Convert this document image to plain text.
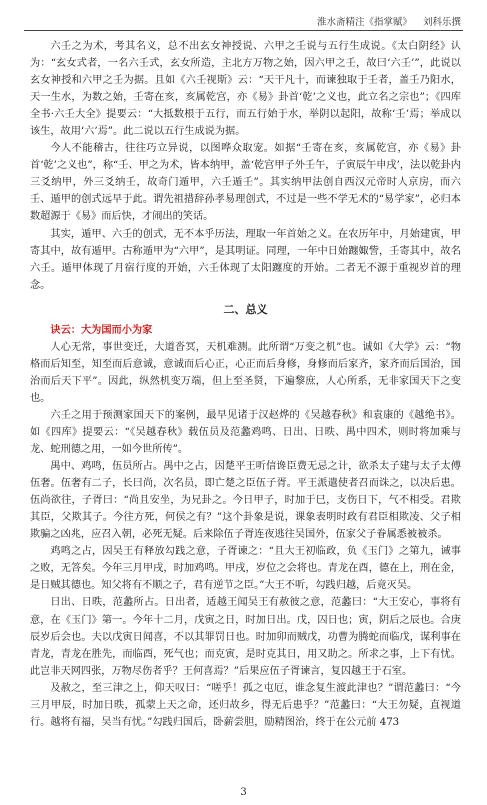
淮水斋精注《指掌赋》 刘科乐撰

六壬之为术，考其名义，总不出玄女神授说、六甲之壬说与五行生成说。《太白阴经》认为：“玄女式者，一名六壬式，玄女所造，主北方万物之始，因六甲之壬，故曰‘六壬’”，此说以玄女神授和六甲之壬为据。且如《六壬视斯》云：“天干凡十，而谏独取于壬者，盖壬乃阳水，天一生水，为数之始，壬寄在亥，亥属乾宫，亦《易》卦首‘乾’之义也，此立名之宗也”；《四库全书·六壬大全》提要云：“大抵数根于五行，而五行始于水，举阴以起阳，故称‘壬’焉；举成以该生，故用‘六’焉”。此二说以五行生成说为据。

今人不能稽古，往往巧立异说，以图哗众取宠。如据“壬寄在亥，亥属乾宫，亦《易》卦首‘乾’之义也”，称“壬、甲之为术，皆本纳甲，盖‘乾宫甲子外壬午，子寅辰午申戌’，法以乾卦内三爻纳甲，外三爻纳壬，故奇门遁甲，六壬遁壬”。其实纳甲法创自西汉元帝时人京房，而六壬、遁甲的创式远早于此。谓先祖措辞孙孝易理创式，不过是一些不学无术的“易学家”，必归本数超源于《易》而后快，才闹出的笑话。

其实，遁甲、六壬的创式，无不本乎历法，理取一年首始之义。在农历年中，月始建寅，甲寄其中，故有遁甲。古称遁甲为“六甲”，是其明证。同理，一年中日始躔娵訾，壬寄其中，故名六壬。遁甲体现了月宿行度的开始，六壬体现了太阳躔度的开始。二者无不源于重视岁首的理念。

二、总义
诀云：大为国而小为家

人心无常，事世变迁，大道沓冥，天机难测。此所谓“万变之机”也。诚如《大学》云：“物格而后知至，知至而后意诚，意诚而后心正，心正而后身修，身修而后家齐，家齐而后国治，国治而后天下平”。因此，纵然机变万端，但上至圣贤，下遍黎庶，人心所系，无非家国天下之变也。

六壬之用于预测家国天下的案例，最早见诸于汉赵烨的《吴越春秋》和袁康的《越绝书》。如《四库》提要云：“《吴越春秋》载伍员及范蠡鸡鸣、日出、日昳、禺中四术，则时将加乘与龙、蛇刑德之用，一如今世所传”。

禺中、鸡鸣，伍员所占。禺中之占，因楚平王听信谗臣费无忌之计，欲杀太子建与太子太傅伍奢。伍奢有二子，长曰尚，次名员，即亡楚之臣伍子胥。平王派遣使者召而诛之，以决后患。伍尚欲往，子胥曰：“尚且安坐，为兄卦之。今日甲子，时加于巳，支伤日下，气不相受。君欺其臣，父欺其子。今往方死，何侯之有？”这个卦象是说，课象表明时政有君臣相欺凌、父子相欺骗之凶兆，应召入朝，必死无疑。后来除伍子胥连夜逃往吴国外，伍家父子眷属悉被被杀。

鸡鸣之占，因吴王有释放勾践之意，子胥谏之：“且大王初临政，负《玉门》之第九，诫事之败，无答矣。今年三月甲戌，时加鸡鸣。甲戌，岁位之会将也。青龙在酉，德在上，刑在金，是日贼其德也。知父将有不顺之子，君有逆节之臣。”大王不听，勾践归越，后竟灭吴。

日出、日昳，范蠡所占。日出者，适越王闻吴王有赦彼之意，范蠡曰：“大王安心，事将有意，在《玉门》第一。今年十二月，戊寅之日，时加日出。戊，囚日也；寅，阴后之辰也。合庚辰岁后会也。夫以戊寅日闻喜，不以其罪罚日也。时加卯而贼戊，功曹为腾蛇而临戊，谋利事在青龙，青龙在胜先，而临酉，死气也；而克寅，是时克其日，用又助之。所求之事，上下有忧。此岂非天网四张，万物尽伤者乎？王何喜焉？”后果应伍子胥谏言，复囚越王于石室。

及赦之，至三津之上，仰天叹曰：“嗟乎！孤之屯厄，谁念复生渡此津也？”谓范蠡曰：“今三月甲辰，时加日昳，孤蒙上天之命，还归故乡，得无后患乎？”范蠡曰：“大王勿疑，直视道行。越将有福，吴当有忧。”勾践归国后，卧薪尝胆，励精图治，终于在公元前 473

3
